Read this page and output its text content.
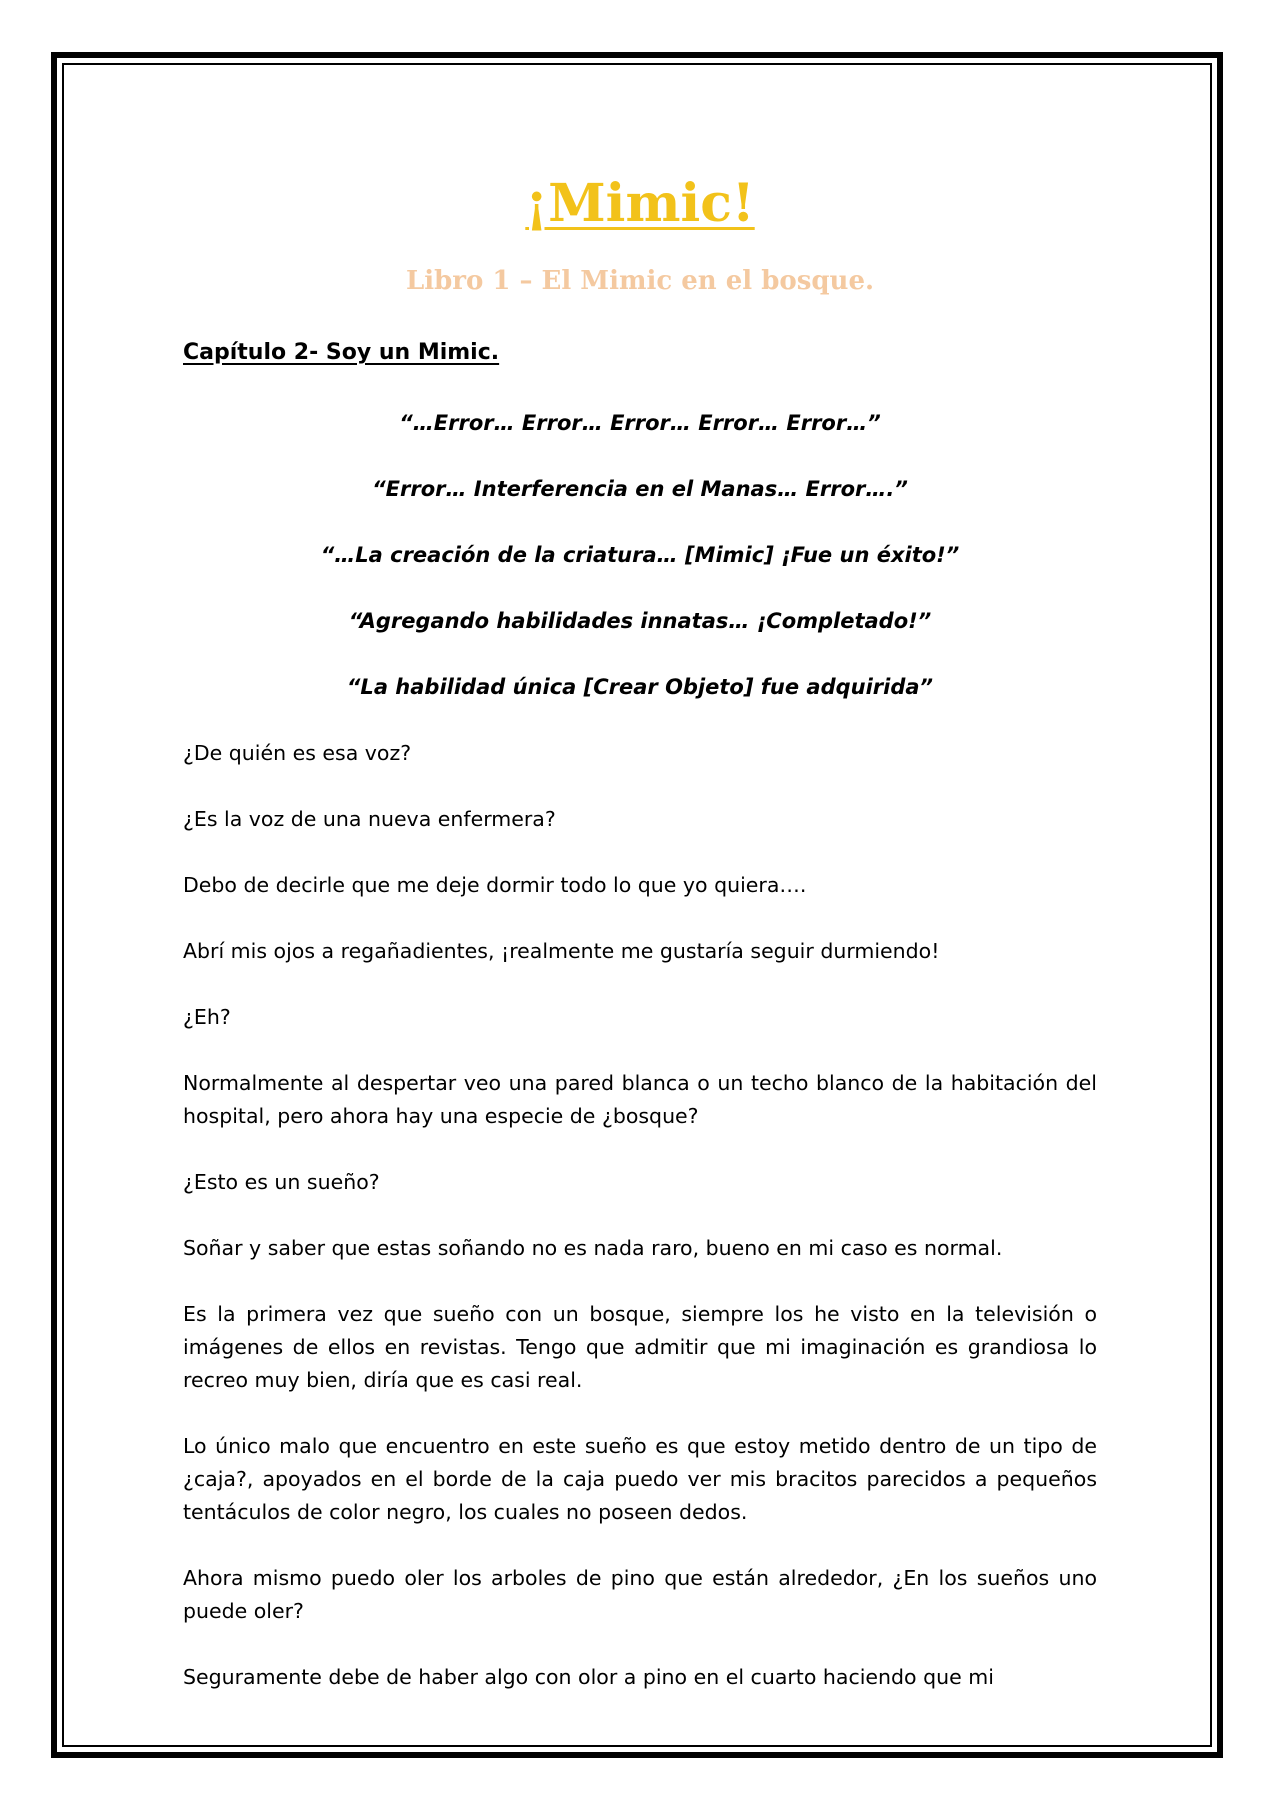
¡Mimic!
Libro 1 – El Mimic en el bosque.
Capítulo 2- Soy un Mimic.

“…Error… Error… Error… Error… Error…”

“Error… Interferencia en el Manas… Error….”

“…La creación de la criatura… [Mimic] ¡Fue un éxito!”

“Agregando habilidades innatas… ¡Completado!”

“La habilidad única [Crear Objeto] fue adquirida”

¿De quién es esa voz?

¿Es la voz de una nueva enfermera?

Debo de decirle que me deje dormir todo lo que yo quiera….

Abrí mis ojos a regañadientes, ¡realmente me gustaría seguir durmiendo!

¿Eh?

Normalmente al despertar veo una pared blanca o un techo blanco de la habitación del hospital, pero ahora hay una especie de ¿bosque?

¿Esto es un sueño?

Soñar y saber que estas soñando no es nada raro, bueno en mi caso es normal.

Es la primera vez que sueño con un bosque, siempre los he visto en la televisión o imágenes de ellos en revistas. Tengo que admitir que mi imaginación es grandiosa lo recreo muy bien, diría que es casi real.

Lo único malo que encuentro en este sueño es que estoy metido dentro de un tipo de ¿caja?, apoyados en el borde de la caja puedo ver mis bracitos parecidos a pequeños tentáculos de color negro, los cuales no poseen dedos.

Ahora mismo puedo oler los arboles de pino que están alrededor, ¿En los sueños uno puede oler?

Seguramente debe de haber algo con olor a pino en el cuarto haciendo que mi
